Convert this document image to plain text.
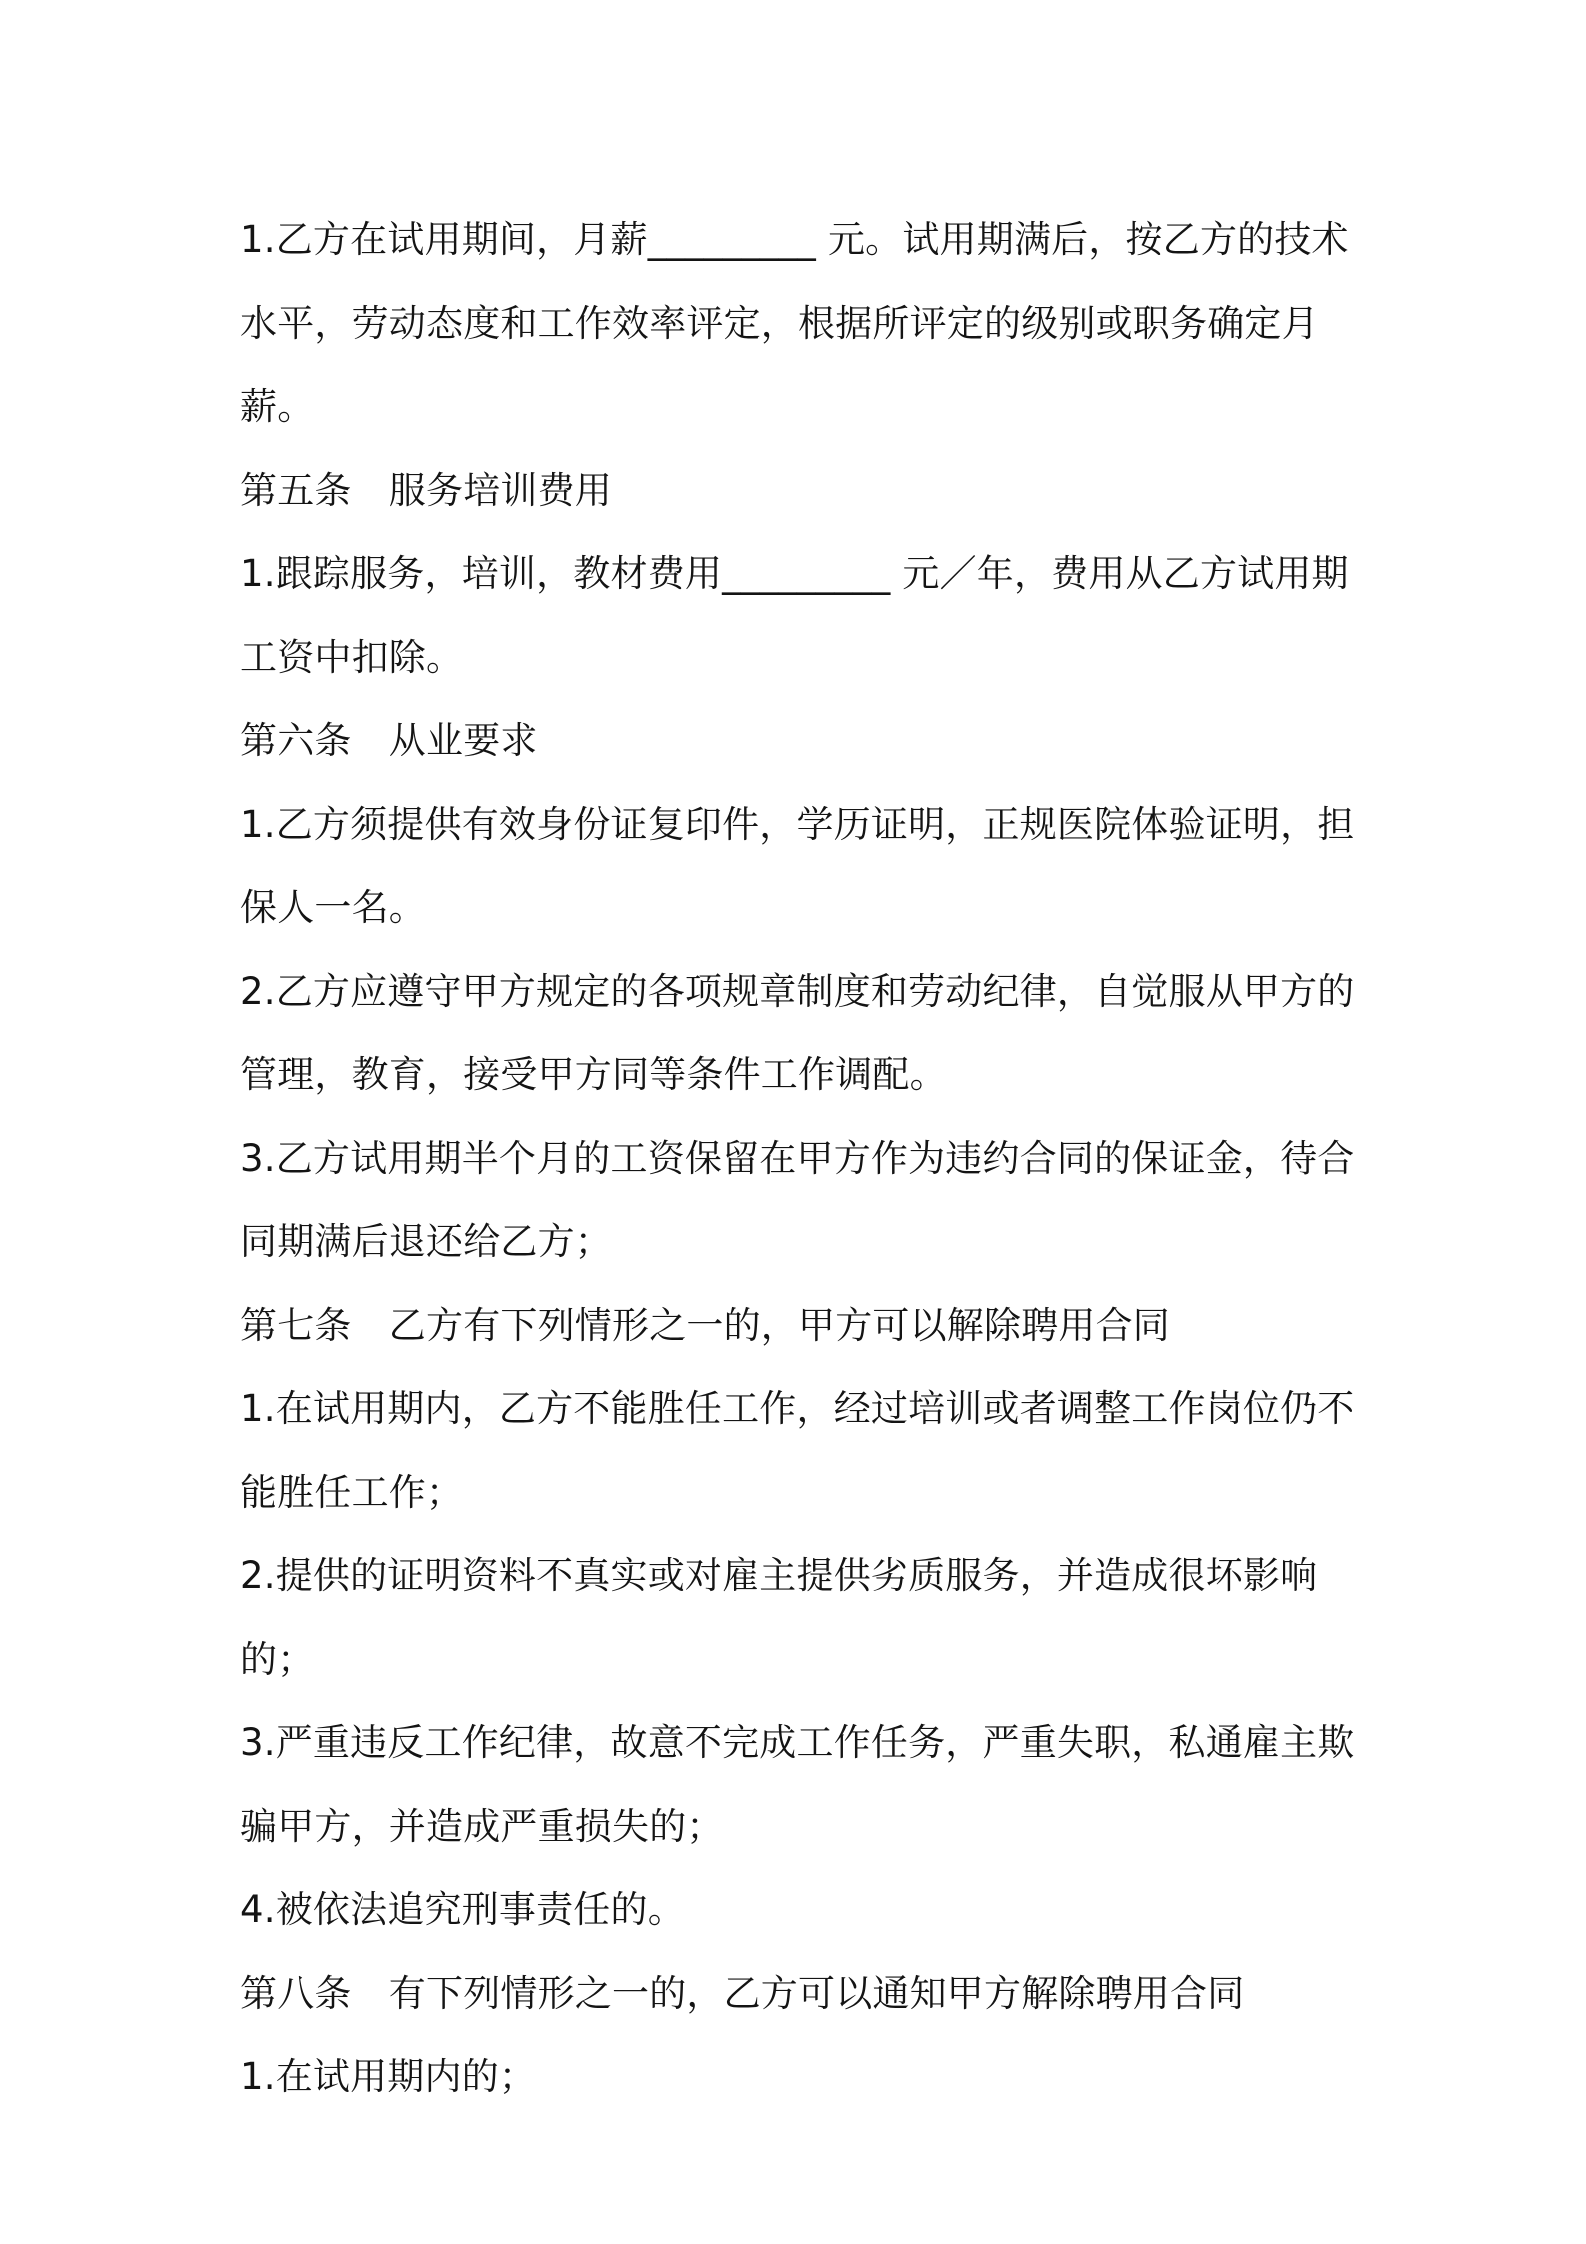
1.乙方在试用期间，月薪_________ 元。试用期满后，按乙方的技术水平，劳动态度和工作效率评定，根据所评定的级别或职务确定月薪。

第五条　服务培训费用

1.跟踪服务，培训，教材费用_________ 元／年，费用从乙方试用期工资中扣除。

第六条　从业要求

1.乙方须提供有效身份证复印件，学历证明，正规医院体验证明，担保人一名。

2.乙方应遵守甲方规定的各项规章制度和劳动纪律，自觉服从甲方的管理，教育，接受甲方同等条件工作调配。

3.乙方试用期半个月的工资保留在甲方作为违约合同的保证金，待合同期满后退还给乙方；

第七条　乙方有下列情形之一的，甲方可以解除聘用合同

1.在试用期内，乙方不能胜任工作，经过培训或者调整工作岗位仍不能胜任工作；

2.提供的证明资料不真实或对雇主提供劣质服务，并造成很坏影响的；

3.严重违反工作纪律，故意不完成工作任务，严重失职，私通雇主欺骗甲方，并造成严重损失的；

4.被依法追究刑事责任的。

第八条　有下列情形之一的，乙方可以通知甲方解除聘用合同

1.在试用期内的；
